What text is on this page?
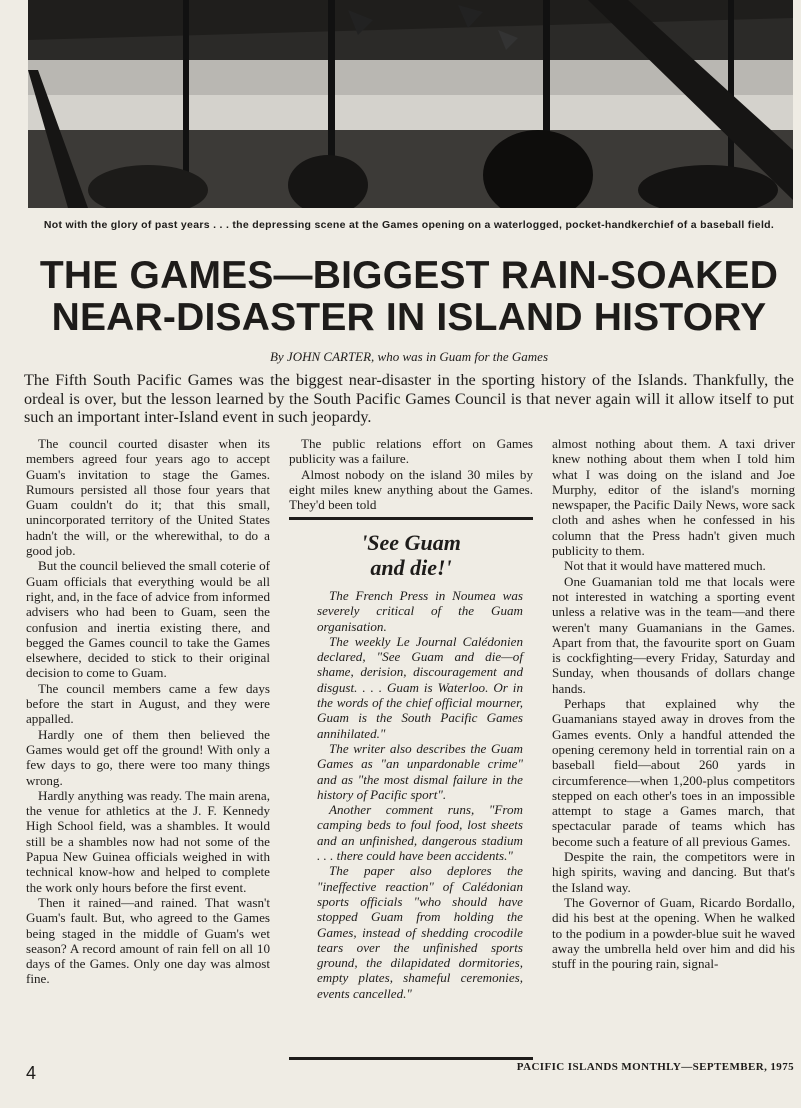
Not with the glory of past years . . . the depressing scene at the Games opening on a waterlogged, pocket-handkerchief of a baseball field.
THE GAMES—BIGGEST RAIN-SOAKED
NEAR-DISASTER IN ISLAND HISTORY
By JOHN CARTER, who was in Guam for the Games
The Fifth South Pacific Games was the biggest near-disaster in the sporting history of the Islands. Thankfully, the ordeal is over, but the lesson learned by the South Pacific Games Council is that never again will it allow itself to put such an important inter-Island event in such jeopardy.

The council courted disaster when its members agreed four years ago to accept Guam's invitation to stage the Games. Rumours persisted all those four years that Guam couldn't do it; that this small, unincorporated territory of the United States hadn't the will, or the wherewithal, to do a good job.

But the council believed the small coterie of Guam officials that everything would be all right, and, in the face of advice from informed advisers who had been to Guam, seen the confusion and inertia existing there, and begged the Games council to take the Games elsewhere, decided to stick to their original decision to come to Guam.

The council members came a few days before the start in August, and they were appalled.

Hardly one of them then believed the Games would get off the ground! With only a few days to go, there were too many things wrong.

Hardly anything was ready. The main arena, the venue for athletics at the J. F. Kennedy High School field, was a shambles. It would still be a shambles now had not some of the Papua New Guinea officials weighed in with technical know-how and helped to complete the work only hours before the first event.

Then it rained—and rained. That wasn't Guam's fault. But, who agreed to the Games being staged in the middle of Guam's wet season? A record amount of rain fell on all 10 days of the Games. Only one day was almost fine.

The public relations effort on Games publicity was a failure.

Almost nobody on the island 30 miles by eight miles knew anything about the Games. They'd been told

'See Guam
and die!'

The French Press in Noumea was severely critical of the Guam organisation.

The weekly Le Journal Calédonien declared, "See Guam and die—of shame, derision, discouragement and disgust. . . . Guam is Waterloo. Or in the words of the chief official mourner, Guam is the South Pacific Games annihilated."

The writer also describes the Guam Games as "an unpardonable crime" and as "the most dismal failure in the history of Pacific sport".

Another comment runs, "From camping beds to foul food, lost sheets and an unfinished, dangerous stadium . . . there could have been accidents."

The paper also deplores the "ineffective reaction" of Calédonian sports officials "who should have stopped Guam from holding the Games, instead of shedding crocodile tears over the unfinished sports ground, the dilapidated dormitories, empty plates, shameful ceremonies, events cancelled."

almost nothing about them. A taxi driver knew nothing about them when I told him what I was doing on the island and Joe Murphy, editor of the island's morning newspaper, the Pacific Daily News, wore sack cloth and ashes when he confessed in his column that the Press hadn't given much publicity to them.

Not that it would have mattered much.

One Guamanian told me that locals were not interested in watching a sporting event unless a relative was in the team—and there weren't many Guamanians in the Games. Apart from that, the favourite sport on Guam is cockfighting—every Friday, Saturday and Sunday, when thousands of dollars change hands.

Perhaps that explained why the Guamanians stayed away in droves from the Games events. Only a handful attended the opening ceremony held in torrential rain on a baseball field—about 260 yards in circumference—when 1,200-plus competitors stepped on each other's toes in an impossible attempt to stage a Games march, that spectacular parade of teams which has become such a feature of all previous Games.

Despite the rain, the competitors were in high spirits, waving and dancing. But that's the Island way.

The Governor of Guam, Ricardo Bordallo, did his best at the opening. When he walked to the podium in a powder-blue suit he waved away the umbrella held over him and did his stuff in the pouring rain, signal-

4	PACIFIC ISLANDS MONTHLY—SEPTEMBER, 1975
